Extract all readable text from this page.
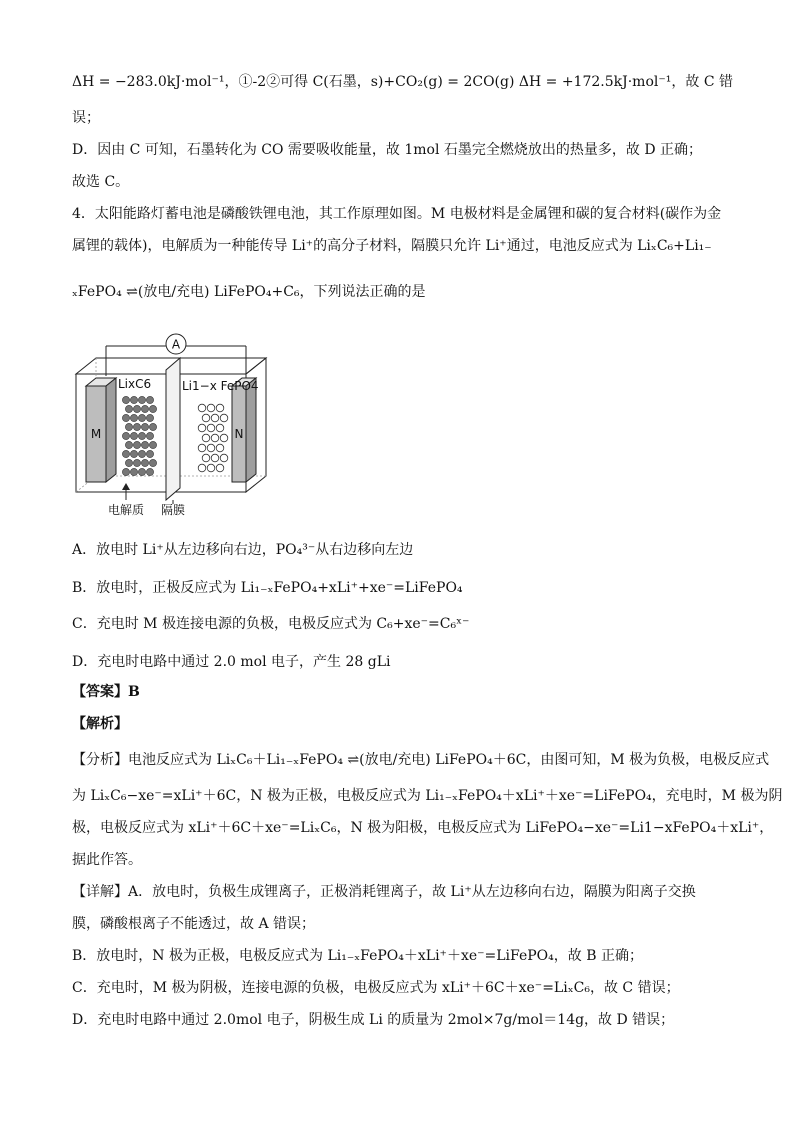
ΔH = −283.0kJ·mol⁻¹，①-2②可得 C(石墨，s)+CO₂(g) = 2CO(g) ΔH = +172.5kJ·mol⁻¹，故 C 错
误；
D．因由 C 可知，石墨转化为 CO 需要吸收能量，故 1mol 石墨完全燃烧放出的热量多，故 D 正确；
故选 C。
4．太阳能路灯蓄电池是磷酸铁锂电池，其工作原理如图。M 电极材料是金属锂和碳的复合材料(碳作为金
属锂的载体)，电解质为一种能传导 Li⁺的高分子材料，隔膜只允许 Li⁺通过，电池反应式为 LiₓC₆+Li₁₋
ₓFePO₄ ⇌(放电/充电) LiFePO₄+C₆，下列说法正确的是
A
M	N
LixC6	Li1−x FePO4
电解质 隔膜
A．放电时 Li⁺从左边移向右边，PO₄³⁻从右边移向左边
B．放电时，正极反应式为 Li₁₋ₓFePO₄+xLi⁺+xe⁻=LiFePO₄
C．充电时 M 极连接电源的负极，电极反应式为 C₆+xe⁻=C₆ˣ⁻
D．充电时电路中通过 2.0 mol 电子，产生 28 gLi
【答案】B
【解析】
【分析】电池反应式为 LiₓC₆＋Li₁₋ₓFePO₄ ⇌(放电/充电) LiFePO₄＋6C，由图可知，M 极为负极，电极反应式
为 LiₓC₆−xe⁻=xLi⁺＋6C，N 极为正极，电极反应式为 Li₁₋ₓFePO₄＋xLi⁺＋xe⁻=LiFePO₄，充电时，M 极为阴
极，电极反应式为 xLi⁺＋6C＋xe⁻=LiₓC₆，N 极为阳极，电极反应式为 LiFePO₄−xe⁻=Li1−xFePO₄＋xLi⁺，
据此作答。
【详解】A．放电时，负极生成锂离子，正极消耗锂离子，故 Li⁺从左边移向右边，隔膜为阳离子交换
膜，磷酸根离子不能透过，故 A 错误；
B．放电时，N 极为正极，电极反应式为 Li₁₋ₓFePO₄＋xLi⁺＋xe⁻=LiFePO₄，故 B 正确；
C．充电时，M 极为阴极，连接电源的负极，电极反应式为 xLi⁺＋6C＋xe⁻=LiₓC₆，故 C 错误；
D．充电时电路中通过 2.0mol 电子，阴极生成 Li 的质量为 2mol×7g/mol＝14g，故 D 错误；
